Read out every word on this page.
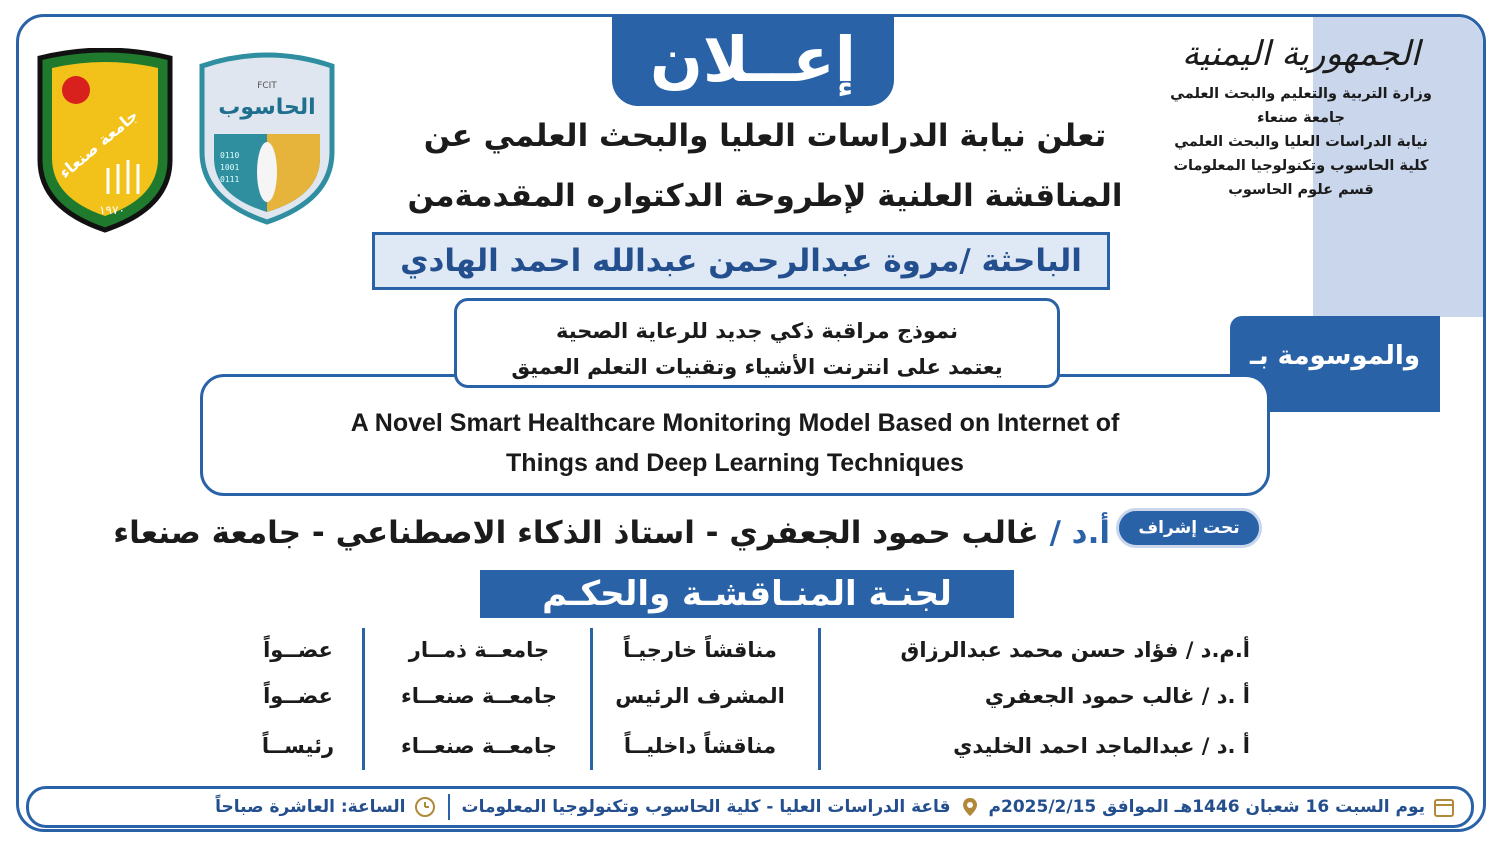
الجمهورية اليمنية
وزارة التربية والتعليم والبحث العلمي
جامعة صنعاء
نيابة الدراسات العليا والبحث العلمي
كلية الحاسوب وتكنولوجيا المعلومات
قسم علوم الحاسوب
جامعة صنعاء
١٩٧٠
FCIT
الحاسوب
0110
1001
0111
إعــلان
تعلن نيابة الدراسات العليا والبحث العلمي عن
المناقشة العلنية لإطروحة الدكتواره المقدمةمن
الباحثة /مروة عبدالرحمن عبدالله احمد الهادي
والموسومة بـ
A Novel Smart Healthcare Monitoring Model Based on Internet of
Things and Deep Learning Techniques
نموذج مراقبة ذكي جديد للرعاية الصحية
يعتمد على انترنت الأشياء وتقنيات التعلم العميق
تحت إشراف
أ.د / غالب حمود الجعفري - استاذ الذكاء الاصطناعي - جامعة صنعاء
لجنـة المنـاقشـة والحكـم
أ.م.د / فؤاد حسن محمد عبدالرزاق
مناقشاً خارجيـاً
جامعــة ذمــار
عضــواً
أ .د / غالب حمود الجعفري
المشرف الرئيس
جامعــة صنعــاء
عضــواً
أ .د / عبدالماجد احمد الخليدي
مناقشاً داخليــاً
جامعــة صنعــاء
رئيســاً
يوم السبت 16 شعبان 1446هـ الموافق 2025/2/15م
قاعة الدراسات العليا - كلية الحاسوب وتكنولوجيا المعلومات
الساعة: العاشرة صباحاً
